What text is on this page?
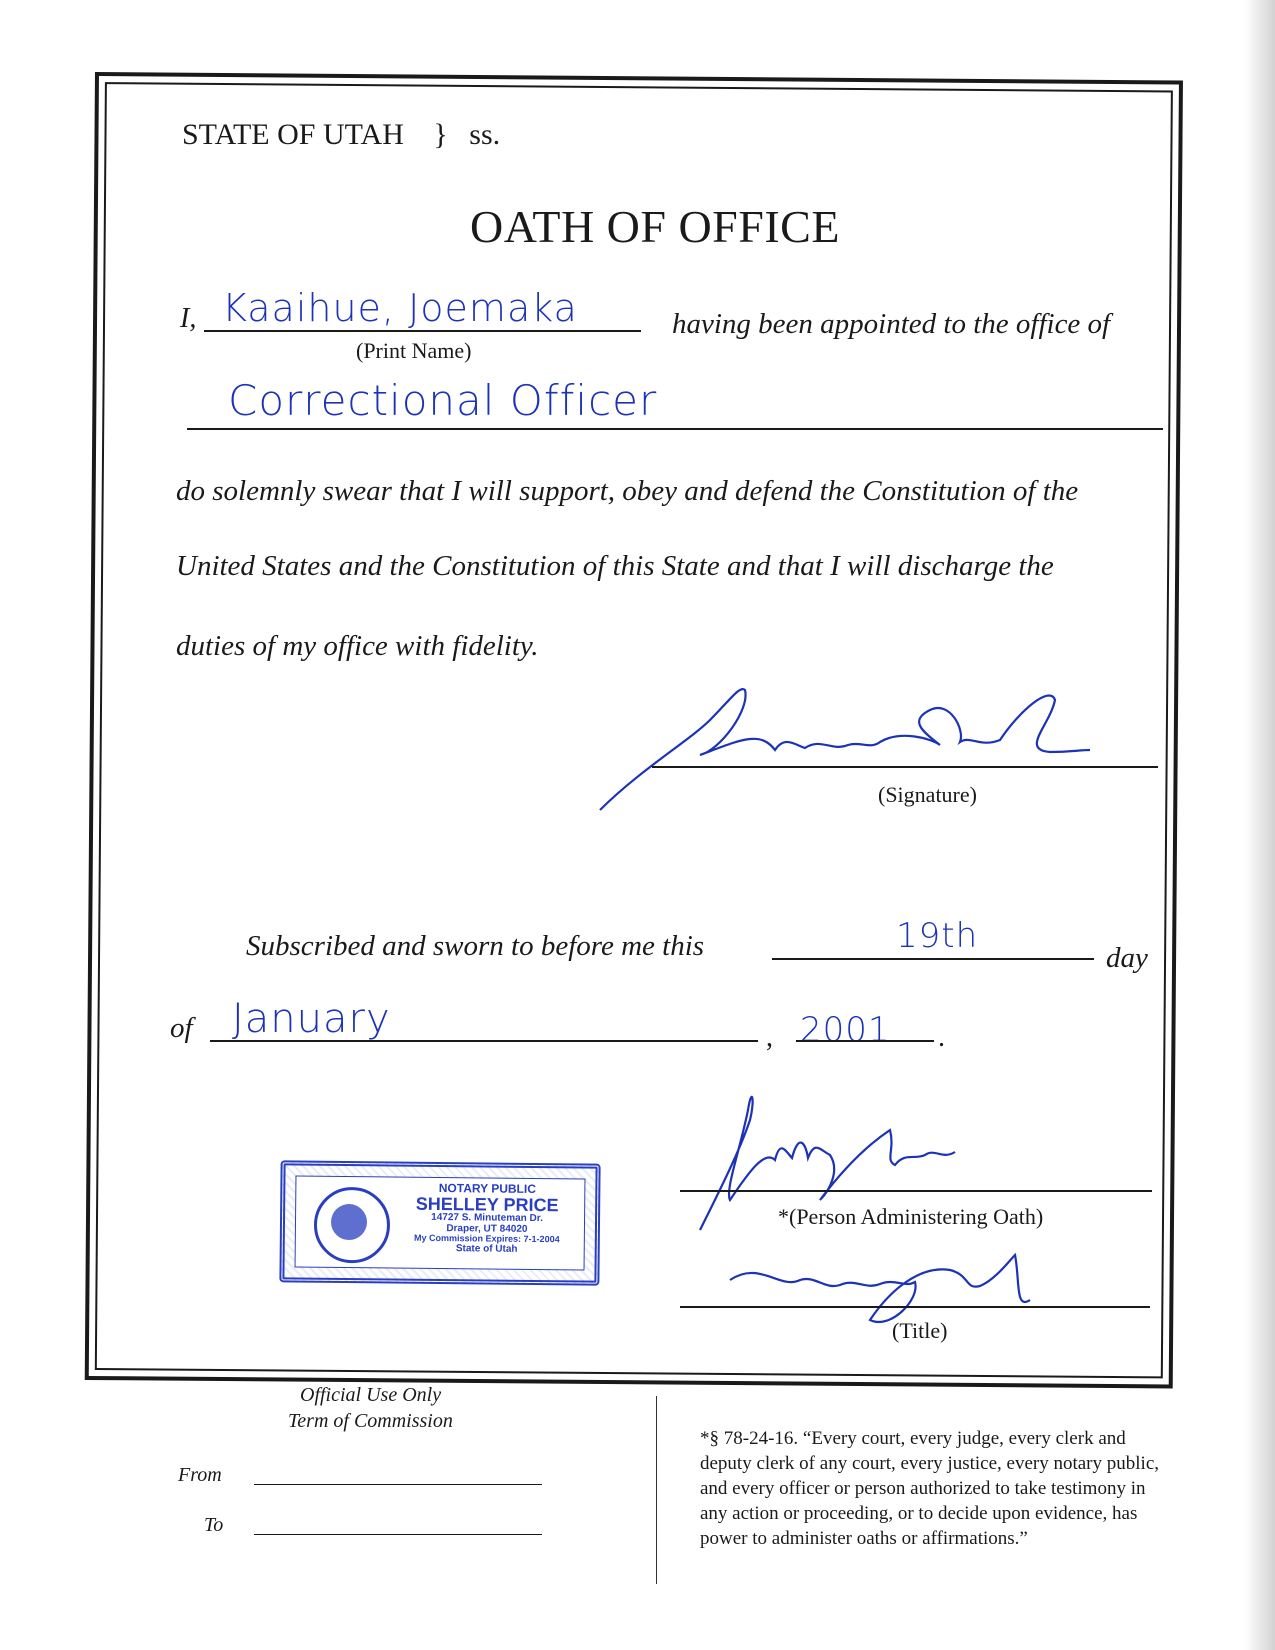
STATE OF UTAH } ss.
OATH OF OFFICE
I, Kaaihue, Joemaka
(Print Name)
having been appointed to the office of
Correctional Officer
do solemnly swear that I will support, obey and defend the Constitution of the
United States and the Constitution of this State and that I will discharge the
duties of my office with fidelity.
(Signature)
Subscribed and sworn to before me this	19th
day
of January	, 2001 .
NOTARY PUBLIC
SHELLEY PRICE
14727 S. Minuteman Dr.
Draper, UT 84020
My Commission Expires: 7-1-2004
State of Utah
*(Person Administering Oath)
(Title)
Official Use Only
Term of Commission
From
To
*§ 78-24-16. “Every court, every judge, every clerk and
deputy clerk of any court, every justice, every notary public,
and every officer or person authorized to take testimony in
any action or proceeding, or to decide upon evidence, has
power to administer oaths or affirmations.”
